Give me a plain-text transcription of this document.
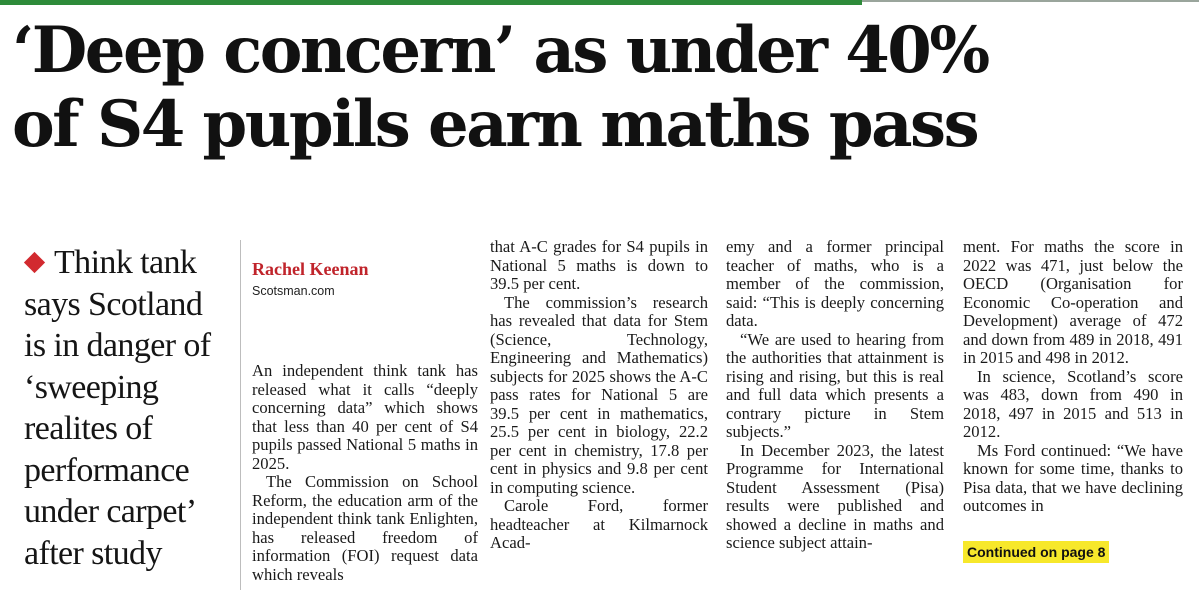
‘Deep concern’ as under 40%
of S4 pupils earn maths pass

Think tank says Scotland is in danger of ‘sweeping realites of performance under carpet’ after study

Rachel Keenan
Scotsman.com

An independent think tank has released what it calls “deeply concerning data” which shows that less than 40 per cent of S4 pupils passed National 5 maths in 2025.

The Commission on School Reform, the education arm of the independent think tank Enlighten, has released freedom of information (FOI) request data which reveals

that A-C grades for S4 pupils in National 5 maths is down to 39.5 per cent.

The commission’s research has revealed that data for Stem (Science, Technology, Engineering and Mathematics) subjects for 2025 shows the A-C pass rates for National 5 are 39.5 per cent in mathematics, 25.5 per cent in biology, 22.2 per cent in chemistry, 17.8 per cent in physics and 9.8 per cent in computing science.

Carole Ford, former headteacher at Kilmarnock Acad-

emy and a former principal teacher of maths, who is a member of the commission, said: “This is deeply concerning data.

“We are used to hearing from the authorities that attainment is rising and rising, but this is real and full data which presents a contrary picture in Stem subjects.”

In December 2023, the latest Programme for International Student Assessment (Pisa) results were published and showed a decline in maths and science subject attain-

ment. For maths the score in 2022 was 471, just below the OECD (Organisation for Economic Co-operation and Development) average of 472 and down from 489 in 2018, 491 in 2015 and 498 in 2012.

In science, Scotland’s score was 483, down from 490 in 2018, 497 in 2015 and 513 in 2012.

Ms Ford continued: “We have known for some time, thanks to Pisa data, that we have declining outcomes in

Continued on page 8
